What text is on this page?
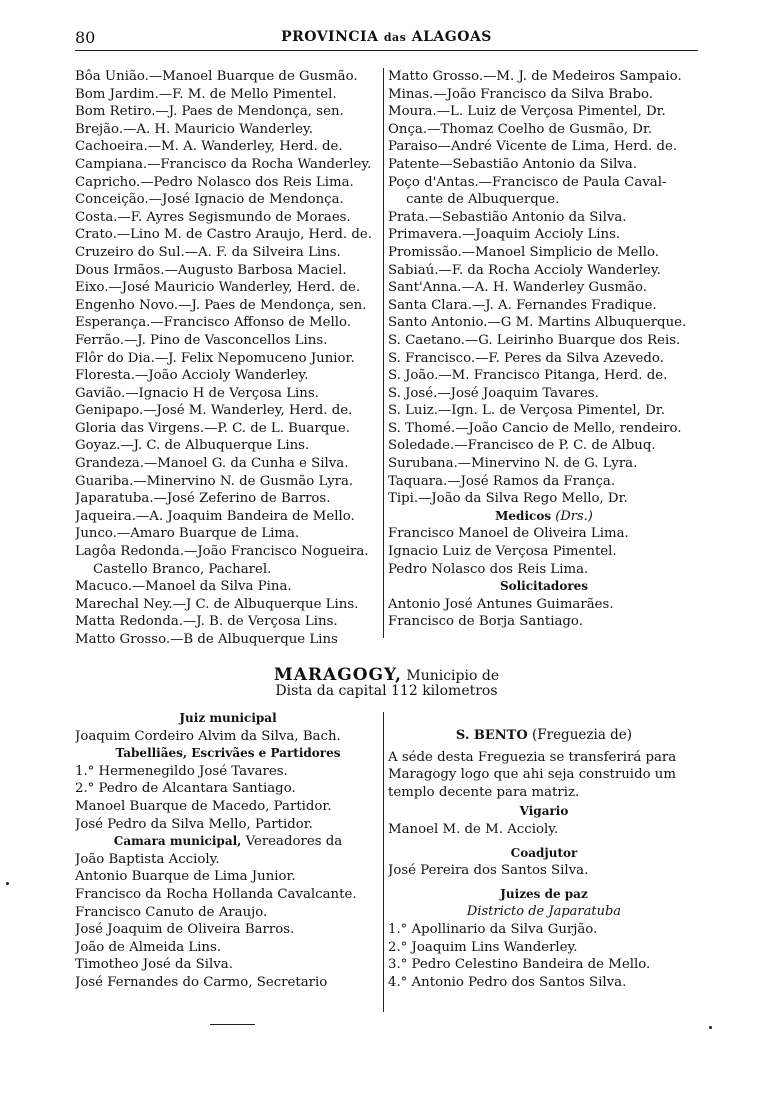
80	PROVINCIA das ALAGOAS
Bôa União.—Manoel Buarque de Gusmão.
Bom Jardim.—F. M. de Mello Pimentel.
Bom Retiro.—J. Paes de Mendonça, sen.
Brejão.—A. H. Mauricio Wanderley.
Cachoeira.—M. A. Wanderley, Herd. de.
Campiana.—Francisco da Rocha Wanderley.
Capricho.—Pedro Nolasco dos Reis Lima.
Conceição.—José Ignacio de Mendonça.
Costa.—F. Ayres Segismundo de Moraes.
Crato.—Lino M. de Castro Araujo, Herd. de.
Cruzeiro do Sul.—A. F. da Silveira Lins.
Dous Irmãos.—Augusto Barbosa Maciel.
Eixo.—José Mauricio Wanderley, Herd. de.
Engenho Novo.—J. Paes de Mendonça, sen.
Esperança.—Francisco Affonso de Mello.
Ferrão.—J. Pino de Vasconcellos Lins.
Flôr do Dia.—J. Felix Nepomuceno Junior.
Floresta.—João Accioly Wanderley.
Gavião.—Ignacio H de Verçosa Lins.
Genipapo.—José M. Wanderley, Herd. de.
Gloria das Virgens.—P. C. de L. Buarque.
Goyaz.—J. C. de Albuquerque Lins.
Grandeza.—Manoel G. da Cunha e Silva.
Guariba.—Minervino N. de Gusmão Lyra.
Japaratuba.—José Zeferino de Barros.
Jaqueira.—A. Joaquim Bandeira de Mello.
Junco.—Amaro Buarque de Lima.
Lagôa Redonda.—João Francisco Nogueira.
Castello Branco, Pacharel.
Macuco.—Manoel da Silva Pina.
Marechal Ney.—J C. de Albuquerque Lins.
Matta Redonda.—J. B. de Verçosa Lins.
Matto Grosso.—B de Albuquerque Lins
Matto Grosso.—M. J. de Medeiros Sampaio.
Minas.—João Francisco da Silva Brabo.
Moura.—L. Luiz de Verçosa Pimentel, Dr.
Onça.—Thomaz Coelho de Gusmão, Dr.
Paraiso—André Vicente de Lima, Herd. de.
Patente—Sebastião Antonio da Silva.
Poço d'Antas.—Francisco de Paula Caval-
cante de Albuquerque.
Prata.—Sebastião Antonio da Silva.
Primavera.—Joaquim Accioly Lins.
Promissão.—Manoel Simplicio de Mello.
Sabiaú.—F. da Rocha Accioly Wanderley.
Sant'Anna.—A. H. Wanderley Gusmão.
Santa Clara.—J. A. Fernandes Fradique.
Santo Antonio.—G M. Martins Albuquerque.
S. Caetano.—G. Leirinho Buarque dos Reis.
S. Francisco.—F. Peres da Silva Azevedo.
S. João.—M. Francisco Pitanga, Herd. de.
S. José.—José Joaquim Tavares.
S. Luiz.—Ign. L. de Verçosa Pimentel, Dr.
S. Thomé.—João Cancio de Mello, rendeiro.
Soledade.—Francisco de P. C. de Albuq.
Surubana.—Minervino N. de G. Lyra.
Taquara.—José Ramos da França.
Tipi.—João da Silva Rego Mello, Dr.
Medicos (Drs.)
Francisco Manoel de Oliveira Lima.
Ignacio Luiz de Verçosa Pimentel.
Pedro Nolasco dos Reis Lima.
Solicitadores
Antonio José Antunes Guimarães.
Francisco de Borja Santiago.
MARAGOGY, Municipio de
Dista da capital 112 kilometros
Juiz municipal
Joaquim Cordeiro Alvim da Silva, Bach.
Tabelliães, Escrivães e Partidores
1.° Hermenegildo José Tavares.
2.° Pedro de Alcantara Santiago.
Manoel Buarque de Macedo, Partidor.
José Pedro da Silva Mello, Partidor.
Camara municipal, Vereadores da
João Baptista Accioly.
Antonio Buarque de Lima Junior.
Francisco da Rocha Hollanda Cavalcante.
Francisco Canuto de Araujo.
José Joaquim de Oliveira Barros.
João de Almeida Lins.
Timotheo José da Silva.
José Fernandes do Carmo, Secretario
S. BENTO (Freguezia de)
A séde desta Freguezia se transferirá para
Maragogy logo que ahi seja construido um
templo decente para matriz.
Vigario
Manoel M. de M. Accioly.
Coadjutor
José Pereira dos Santos Silva.
Juizes de paz
Districto de Japaratuba
1.° Apollinario da Silva Gurjão.
2.° Joaquim Lins Wanderley.
3.° Pedro Celestino Bandeira de Mello.
4.° Antonio Pedro dos Santos Silva.
